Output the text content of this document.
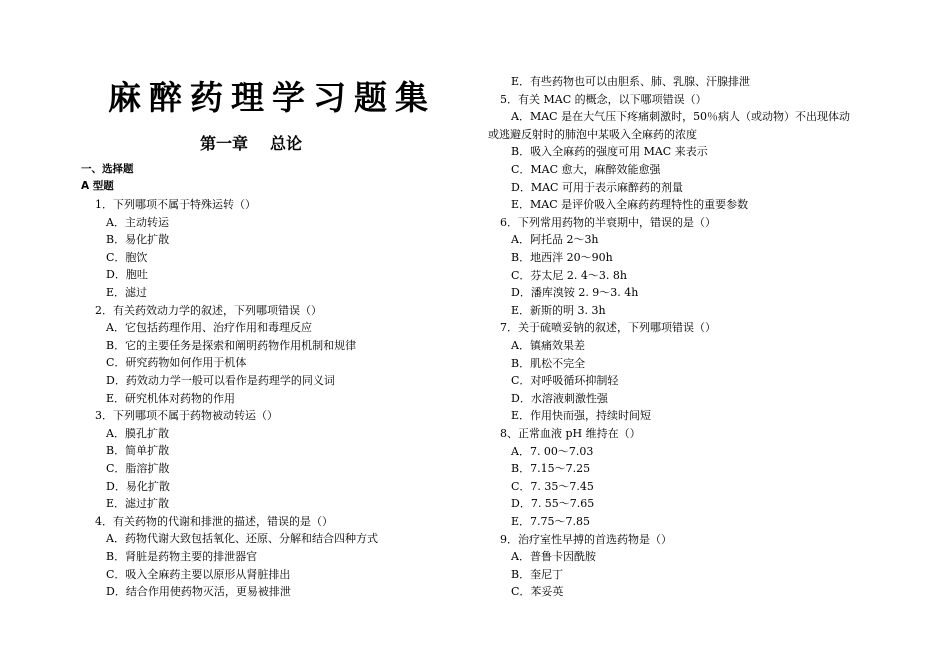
麻醉药理学习题集
第一章 总论
一、选择题
A 型题
1．下列哪项不属于特殊运转（）
A．主动转运
B．易化扩散
C．胞饮
D．胞吐
E．滤过
2．有关药效动力学的叙述，下列哪项错误（）
A．它包括药理作用、治疗作用和毒理反应
B．它的主要任务是探索和阐明药物作用机制和规律
C．研究药物如何作用于机体
D．药效动力学一般可以看作是药理学的同义词
E．研究机体对药物的作用
3．下列哪项不属于药物被动转运（）
A．膜孔扩散
B．简单扩散
C．脂溶扩散
D．易化扩散
E．滤过扩散
4．有关药物的代谢和排泄的描述，错误的是（）
A．药物代谢大致包括氧化、还原、分解和结合四种方式
B．肾脏是药物主要的排泄器官
C．吸入全麻药主要以原形从肾脏排出
D．结合作用使药物灭活，更易被排泄
E．有些药物也可以由胆系、肺、乳腺、汗腺排泄
5．有关 MAC 的概念，以下哪项错误（）
A．MAC 是在大气压下疼痛刺激时，50％病人（或动物）不出现体动
或逃避反射时的肺泡中某吸入全麻药的浓度
B．吸入全麻药的强度可用 MAC 来表示
C．MAC 愈大，麻醉效能愈强
D．MAC 可用于表示麻醉药的剂量
E．MAC 是评价吸入全麻药药理特性的重要参数
6．下列常用药物的半衰期中，错误的是（）
A．阿托品 2～3h
B．地西泮 20～90h
C．芬太尼 2. 4～3. 8h
D．潘库溴铵 2. 9～3. 4h
E．新斯的明 3. 3h
7．关于硫喷妥钠的叙述，下列哪项错误（）
A．镇痛效果差
B．肌松不完全
C．对呼吸循环抑制轻
D．水溶液刺激性强
E．作用快而强，持续时间短
8、正常血液 pH 维持在（）
A．7. 00～7.03
B．7.15～7.25
C．7. 35～7.45
D．7. 55～7.65
E．7.75～7.85
9．治疗室性早搏的首选药物是（）
A．普鲁卡因酰胺
B．奎尼丁
C．苯妥英
